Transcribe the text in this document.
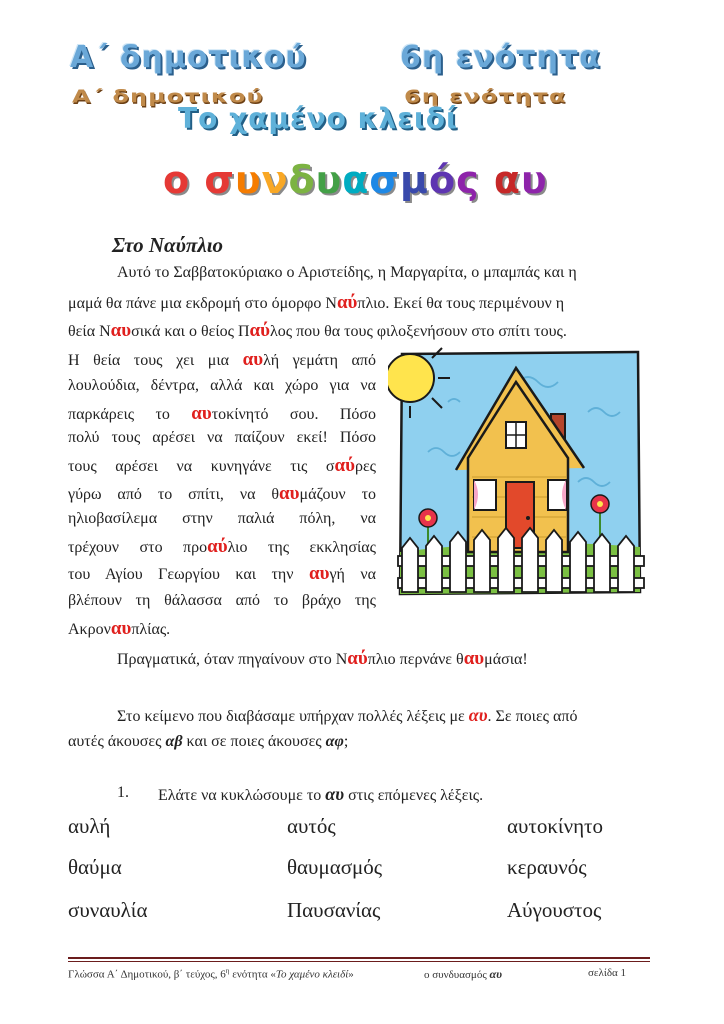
Α΄ δημοτικού	6η ενότητα
Α΄ δημοτικού	6η ενότητα
Το χαμένο κλειδί
ο συνδυασμός αυ
Στο Ναύπλιο
Αυτό το Σαββατοκύριακο ο Αριστείδης, η Μαργαρίτα, ο μπαμπάς και η
μαμά θα πάνε μια εκδρομή στο όμορφο Ναύπλιο. Εκεί θα τους περιμένουν η
θεία Ναυσικά και ο θείος Παύλος που θα τους φιλοξενήσουν στο σπίτι τους.
Η θεία τους χει μια αυλή γεμάτη από
λουλούδια, δέντρα, αλλά και χώρο για να
παρκάρεις το αυτοκίνητό σου. Πόσο
πολύ τους αρέσει να παίζουν εκεί! Πόσο
τους αρέσει να κυνηγάνε τις σαύρες
γύρω από το σπίτι, να θαυμάζουν το
ηλιοβασίλεμα στην παλιά πόλη, να
τρέχουν στο προαύλιο της εκκλησίας
του Αγίου Γεωργίου και την αυγή να
βλέπουν τη θάλασσα από το βράχο της
Ακροναυπλίας.
Πραγματικά, όταν πηγαίνουν στο Ναύπλιο περνάνε θαυμάσια!
Στο κείμενο που διαβάσαμε υπήρχαν πολλές λέξεις με αυ. Σε ποιες από
αυτές άκουσες αβ και σε ποιες άκουσες αφ;
1. Ελάτε να κυκλώσουμε το αυ στις επόμενες λέξεις.
αυλή	αυτός	αυτοκίνητο
θαύμα	θαυμασμός	κεραυνός
συναυλία	Παυσανίας	Αύγουστος
Γλώσσα Α΄ Δημοτικού, β΄ τεύχος, $6^\eta$ ενότητα «Το χαμένο κλειδί»	ο συνδυασμός αυ	σελίδα 1
